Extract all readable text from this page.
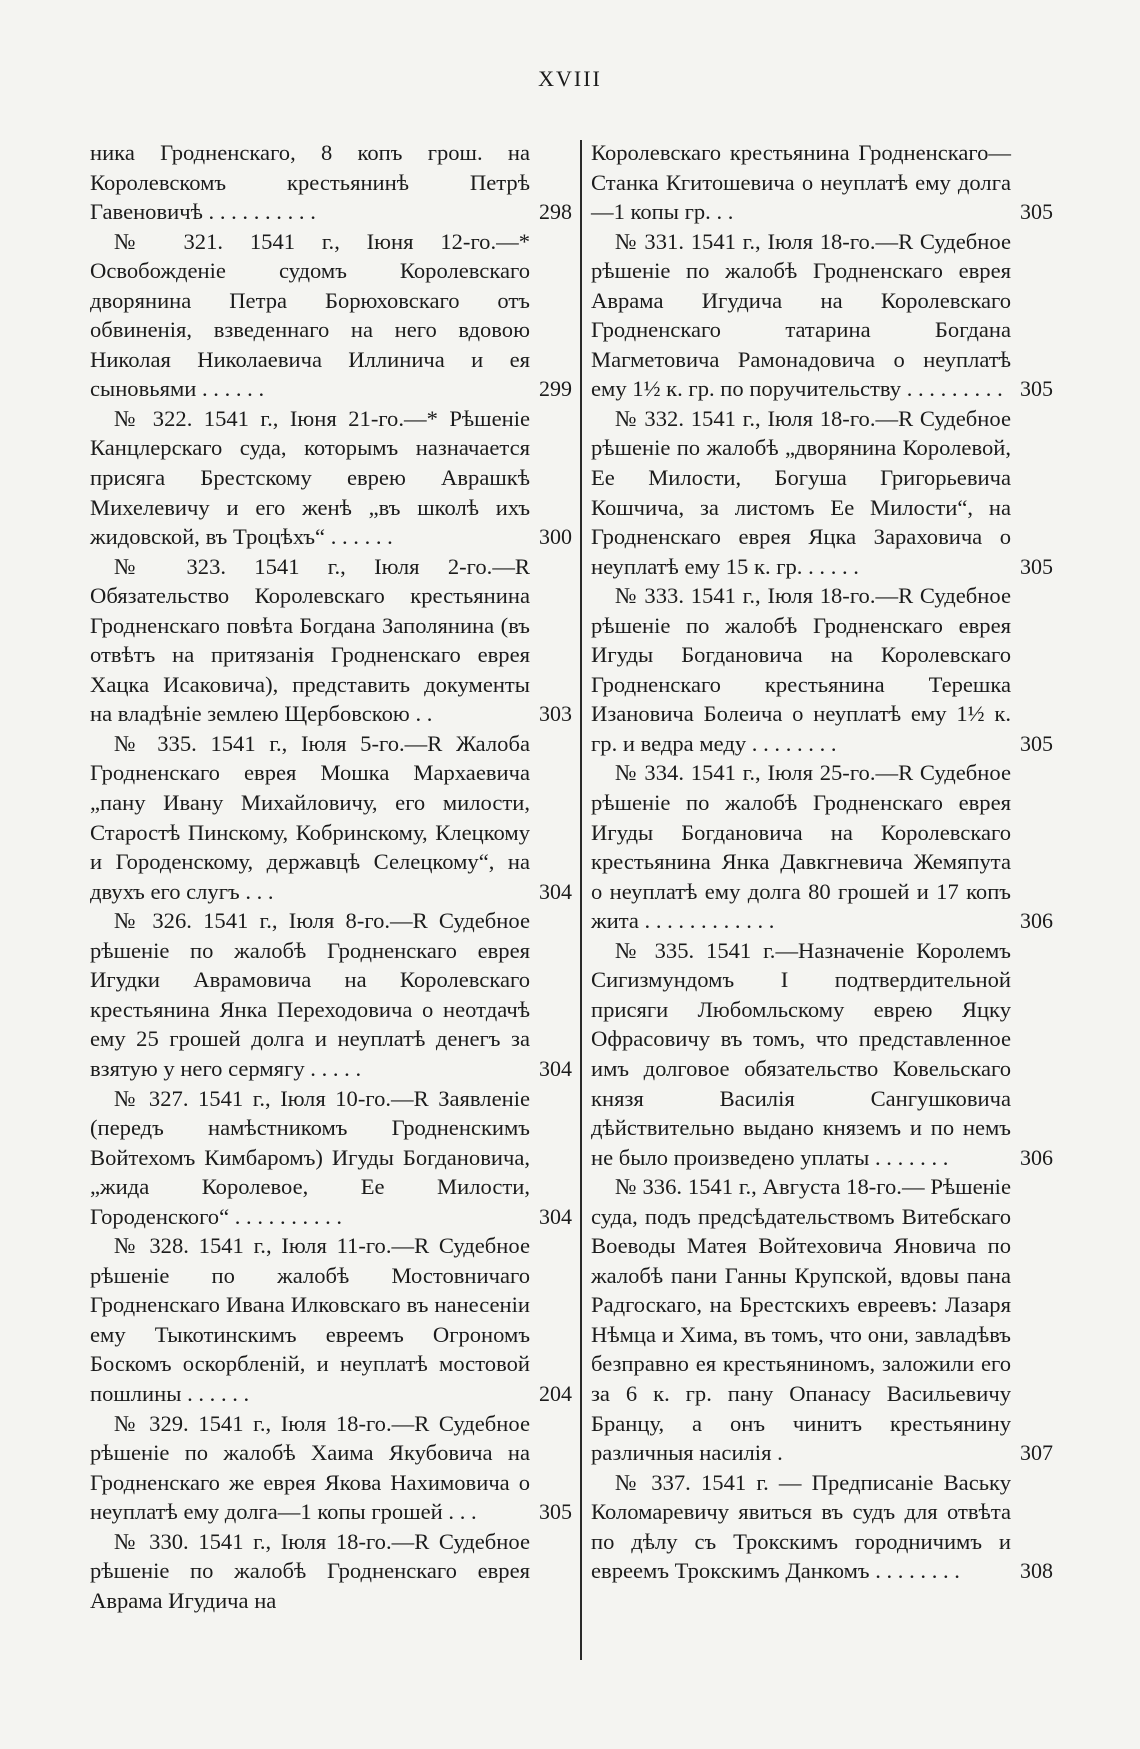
XVIII
ника Гродненскаго, 8 копъ грош. на Королевскомъ крестьянинѣ Петрѣ Гавеновичѣ . . . . . . . . . .	298
№ 321. 1541 г., Іюня 12-го.—* Освобожденіе судомъ Королевскаго дворянина Петра Борюховскаго отъ обвиненія, взведеннаго на него вдовою Николая Николаевича Иллинича и ея сыновьями . . . . . .	299
№ 322. 1541 г., Іюня 21-го.—* Рѣшеніе Канцлерскаго суда, которымъ назначается присяга Брестскому еврею Аврашкѣ Михелевичу и его женѣ „въ школѣ ихъ жидовской, въ Троцѣхъ“ . . . . . .	300
№ 323. 1541 г., Іюля 2-го.—R Обязательство Королевскаго крестьянина Гродненскаго повѣта Богдана Заполянина (въ отвѣтъ на притязанія Гродненскаго еврея Хацка Исаковича), представить документы на владѣніе землею Щербовскою . .	303
№ 335. 1541 г., Іюля 5-го.—R Жалоба Гродненскаго еврея Мошка Мархаевича „пану Ивану Михайловичу, его милости, Старостѣ Пинскому, Кобринскому, Клецкому и Городенскому, державцѣ Селецкому“, на двухъ его слугъ . . .	304
№ 326. 1541 г., Іюля 8-го.—R Судебное рѣшеніе по жалобѣ Гродненскаго еврея Игудки Аврамовича на Королевскаго крестьянина Янка Переходовича о неотдачѣ ему 25 грошей долга и неуплатѣ денегъ за взятую у него сермягу . . . . .	304
№ 327. 1541 г., Іюля 10-го.—R Заявленіе (передъ намѣстникомъ Гродненскимъ Войтехомъ Кимбаромъ) Игуды Богдановича, „жида Королевое, Ее Милости, Городенского“ . . . . . . . . . .	304
№ 328. 1541 г., Іюля 11-го.—R Судебное рѣшеніе по жалобѣ Мостовничаго Гродненскаго Ивана Илковскаго въ нанесеніи ему Тыкотинскимъ евреемъ Огрономъ Боскомъ оскорбленій, и неуплатѣ мостовой пошлины . . . . . .	204
№ 329. 1541 г., Іюля 18-го.—R Судебное рѣшеніе по жалобѣ Хаима Якубовича на Гродненскаго же еврея Якова Нахимовича о неуплатѣ ему долга—1 копы грошей . . .	305
№ 330. 1541 г., Іюля 18-го.—R Судебное рѣшеніе по жалобѣ Гродненскаго еврея Аврама Игудича на
Королевскаго крестьянина Гродненскаго—Станка Кгитошевича о неуплатѣ ему долга—1 копы гр. . .	305
№ 331. 1541 г., Іюля 18-го.—R Судебное рѣшеніе по жалобѣ Гродненскаго еврея Аврама Игудича на Королевскаго Гродненскаго татарина Богдана Магметовича Рамонадовича о неуплатѣ ему 1½ к. гр. по поручительству . . . . . . . . . 305
№ 332. 1541 г., Іюля 18-го.—R Судебное рѣшеніе по жалобѣ „дворянина Королевой, Ее Милости, Богуша Григорьевича Кошчича, за листомъ Ее Милости“, на Гродненскаго еврея Яцка Зараховича о неуплатѣ ему 15 к. гр. . . . . .	305
№ 333. 1541 г., Іюля 18-го.—R Судебное рѣшеніе по жалобѣ Гродненскаго еврея Игуды Богдановича на Королевскаго Гродненскаго крестьянина Терешка Изановича Болеича о неуплатѣ ему 1½ к. гр. и ведра меду . . . . . . . .	305
№ 334. 1541 г., Іюля 25-го.—R Судебное рѣшеніе по жалобѣ Гродненскаго еврея Игуды Богдановича на Королевскаго крестьянина Янка Давкгневича Жемяпута о неуплатѣ ему долга 80 грошей и 17 копъ жита . . . . . . . . . . . .	306
№ 335. 1541 г.—Назначеніе Королемъ Сигизмундомъ I подтвердительной присяги Любомльскому еврею Яцку Офрасовичу въ томъ, что представленное имъ долговое обязательство Ковельскаго князя Василія Сангушковича дѣйствительно выдано княземъ и по немъ не было произведено уплаты . . . . . . .	306
№ 336. 1541 г., Августа 18-го.— Рѣшеніе суда, подъ предсѣдательствомъ Витебскаго Воеводы Матея Войтеховича Яновича по жалобѣ пани Ганны Крупской, вдовы пана Радгоскаго, на Брестскихъ евреевъ: Лазаря Нѣмца и Хима, въ томъ, что они, завладѣвъ безправно ея крестьяниномъ, заложили его за 6 к. гр. пану Опанасу Васильевичу Бранцу, а онъ чинитъ крестьянину различныя насилія .	307
№ 337. 1541 г. — Предписаніе Ваську Коломаревичу явиться въ судъ для отвѣта по дѣлу съ Трокскимъ городничимъ и евреемъ Трокскимъ Данкомъ . . . . . . . .	308
